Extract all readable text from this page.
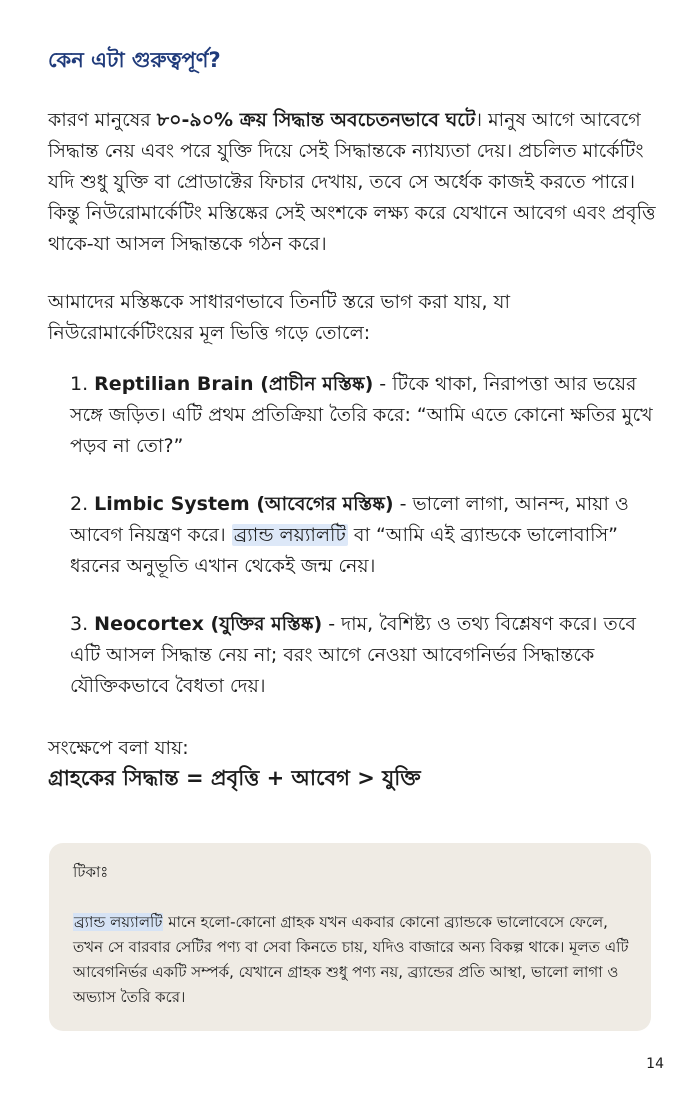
কেন এটা গুরুত্বপূর্ণ?
কারণ মানুষের ৮০-৯০% ক্রয় সিদ্ধান্ত অবচেতনভাবে ঘটে। মানুষ আগে আবেগে সিদ্ধান্ত নেয় এবং পরে যুক্তি দিয়ে সেই সিদ্ধান্তকে ন্যায্যতা দেয়। প্রচলিত মার্কেটিং যদি শুধু যুক্তি বা প্রোডাক্টের ফিচার দেখায়, তবে সে অর্ধেক কাজই করতে পারে। কিন্তু নিউরোমার্কেটিং মস্তিষ্কের সেই অংশকে লক্ষ্য করে যেখানে আবেগ এবং প্রবৃত্তি থাকে-যা আসল সিদ্ধান্তকে গঠন করে।
আমাদের মস্তিষ্ককে সাধারণভাবে তিনটি স্তরে ভাগ করা যায়, যা নিউরোমার্কেটিংয়ের মূল ভিত্তি গড়ে তোলে:
1. Reptilian Brain (প্রাচীন মস্তিষ্ক) - টিকে থাকা, নিরাপত্তা আর ভয়ের সঙ্গে জড়িত। এটি প্রথম প্রতিক্রিয়া তৈরি করে: “আমি এতে কোনো ক্ষতির মুখে পড়ব না তো?”
2. Limbic System (আবেগের মস্তিষ্ক) - ভালো লাগা, আনন্দ, মায়া ও আবেগ নিয়ন্ত্রণ করে। ব্র্যান্ড লয়্যালটি বা “আমি এই ব্র্যান্ডকে ভালোবাসি” ধরনের অনুভূতি এখান থেকেই জন্ম নেয়।
3. Neocortex (যুক্তির মস্তিষ্ক) - দাম, বৈশিষ্ট্য ও তথ্য বিশ্লেষণ করে। তবে এটি আসল সিদ্ধান্ত নেয় না; বরং আগে নেওয়া আবেগনির্ভর সিদ্ধান্তকে যৌক্তিকভাবে বৈধতা দেয়।
সংক্ষেপে বলা যায়:
গ্রাহকের সিদ্ধান্ত = প্রবৃত্তি + আবেগ > যুক্তি
টিকাঃ
ব্র্যান্ড লয়্যালটি মানে হলো-কোনো গ্রাহক যখন একবার কোনো ব্র্যান্ডকে ভালোবেসে ফেলে, তখন সে বারবার সেটির পণ্য বা সেবা কিনতে চায়, যদিও বাজারে অন্য বিকল্প থাকে। মূলত এটি আবেগনির্ভর একটি সম্পর্ক, যেখানে গ্রাহক শুধু পণ্য নয়, ব্র্যান্ডের প্রতি আস্থা, ভালো লাগা ও অভ্যাস তৈরি করে।
14
